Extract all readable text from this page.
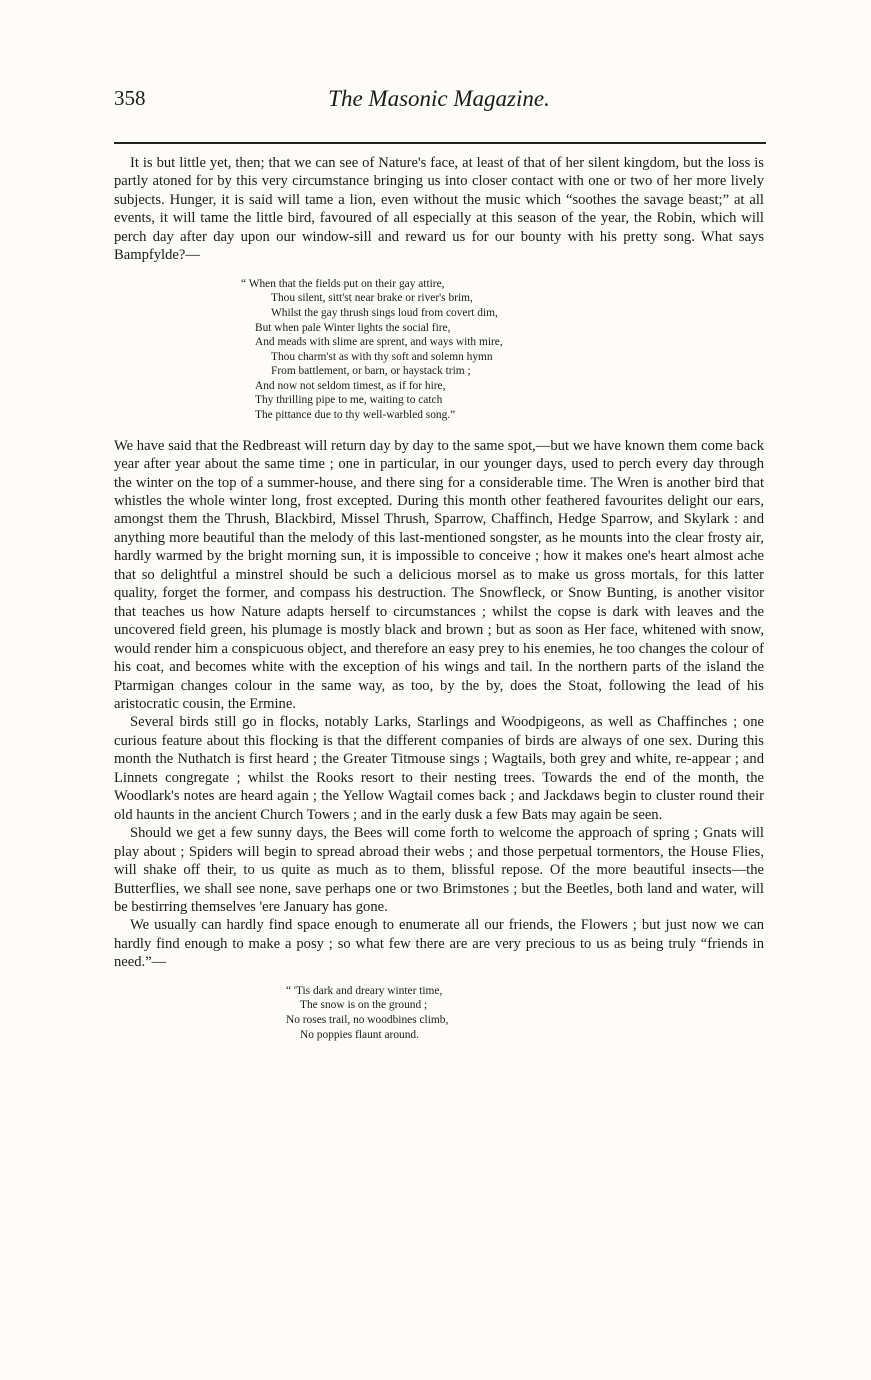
358	The Masonic Magazine.

It is but little yet, then; that we can see of Nature's face, at least of that of her silent kingdom, but the loss is partly atoned for by this very circumstance bringing us into closer contact with one or two of her more lively subjects. Hunger, it is said will tame a lion, even without the music which “soothes the savage beast;” at all events, it will tame the little bird, favoured of all especially at this season of the year, the Robin, which will perch day after day upon our window-sill and reward us for our bounty with his pretty song. What says Bampfylde?—

“ When that the fields put on their gay attire,
Thou silent, sitt'st near brake or river's brim,
Whilst the gay thrush sings loud from covert dim,
But when pale Winter lights the social fire,
And meads with slime are sprent, and ways with mire,
Thou charm'st as with thy soft and solemn hymn
From battlement, or barn, or haystack trim ;
And now not seldom timest, as if for hire,
Thy thrilling pipe to me, waiting to catch
The pittance due to thy well-warbled song.”

We have said that the Redbreast will return day by day to the same spot,—but we have known them come back year after year about the same time ; one in particular, in our younger days, used to perch every day through the winter on the top of a summer-house, and there sing for a considerable time. The Wren is another bird that whistles the whole winter long, frost excepted. During this month other feathered favourites delight our ears, amongst them the Thrush, Blackbird, Missel Thrush, Sparrow, Chaffinch, Hedge Sparrow, and Skylark : and anything more beautiful than the melody of this last-mentioned songster, as he mounts into the clear frosty air, hardly warmed by the bright morning sun, it is impossible to conceive ; how it makes one's heart almost ache that so delightful a minstrel should be such a delicious morsel as to make us gross mortals, for this latter quality, forget the former, and compass his destruction. The Snowfleck, or Snow Bunting, is another visitor that teaches us how Nature adapts herself to circumstances ; whilst the copse is dark with leaves and the uncovered field green, his plumage is mostly black and brown ; but as soon as Her face, whitened with snow, would render him a conspicuous object, and therefore an easy prey to his enemies, he too changes the colour of his coat, and becomes white with the exception of his wings and tail. In the northern parts of the island the Ptarmigan changes colour in the same way, as too, by the by, does the Stoat, following the lead of his aristocratic cousin, the Ermine.

Several birds still go in flocks, notably Larks, Starlings and Woodpigeons, as well as Chaffinches ; one curious feature about this flocking is that the different companies of birds are always of one sex. During this month the Nuthatch is first heard ; the Greater Titmouse sings ; Wagtails, both grey and white, re-appear ; and Linnets congregate ; whilst the Rooks resort to their nesting trees. Towards the end of the month, the Woodlark's notes are heard again ; the Yellow Wagtail comes back ; and Jackdaws begin to cluster round their old haunts in the ancient Church Towers ; and in the early dusk a few Bats may again be seen.

Should we get a few sunny days, the Bees will come forth to welcome the approach of spring ; Gnats will play about ; Spiders will begin to spread abroad their webs ; and those perpetual tormentors, the House Flies, will shake off their, to us quite as much as to them, blissful repose. Of the more beautiful insects—the Butterflies, we shall see none, save perhaps one or two Brimstones ; but the Beetles, both land and water, will be bestirring themselves 'ere January has gone.

We usually can hardly find space enough to enumerate all our friends, the Flowers ; but just now we can hardly find enough to make a posy ; so what few there are are very precious to us as being truly “friends in need.”—

“ 'Tis dark and dreary winter time,
The snow is on the ground ;
No roses trail, no woodbines climb,
No poppies flaunt around.
